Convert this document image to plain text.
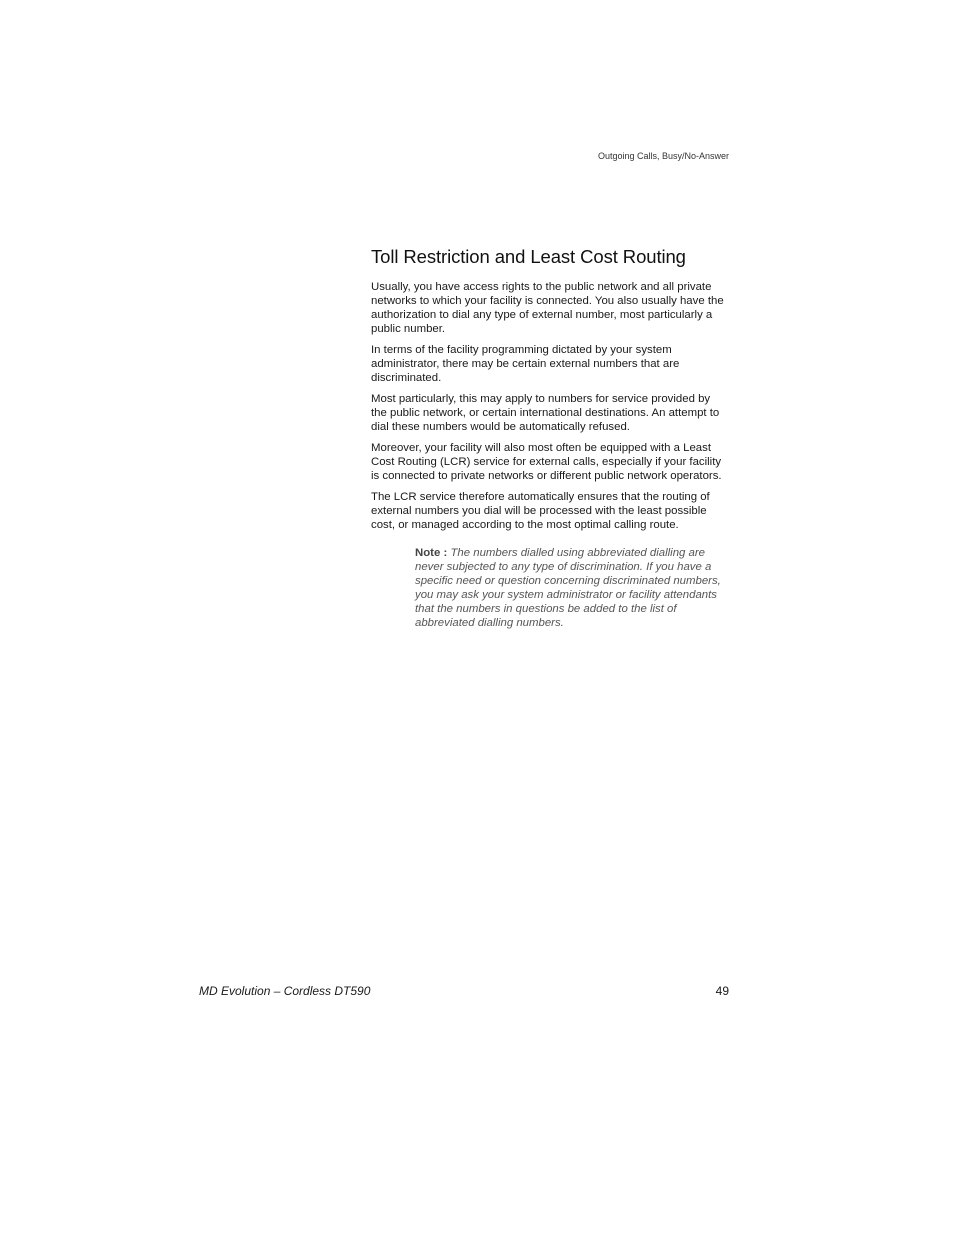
Outgoing Calls, Busy/No-Answer
Toll Restriction and Least Cost Routing

Usually, you have access rights to the public network and all private networks to which your facility is connected. You also usually have the authorization to dial any type of external number, most particularly a public number.

In terms of the facility programming dictated by your system administrator, there may be certain external numbers that are discriminated.

Most particularly, this may apply to numbers for service provided by the public network, or certain international destinations. An attempt to dial these numbers would be automatically refused.

Moreover, your facility will also most often be equipped with a Least Cost Routing (LCR) service for external calls, especially if your facility is connected to private networks or different public network operators.

The LCR service therefore automatically ensures that the routing of external numbers you dial will be processed with the least possible cost, or managed according to the most optimal calling route.

Note : The numbers dialled using abbreviated dialling are never subjected to any type of discrimination. If you have a specific need or question concerning discriminated numbers, you may ask your system administrator or facility attendants that the numbers in questions be added to the list of abbreviated dialling numbers.

MD Evolution – Cordless DT590	49
